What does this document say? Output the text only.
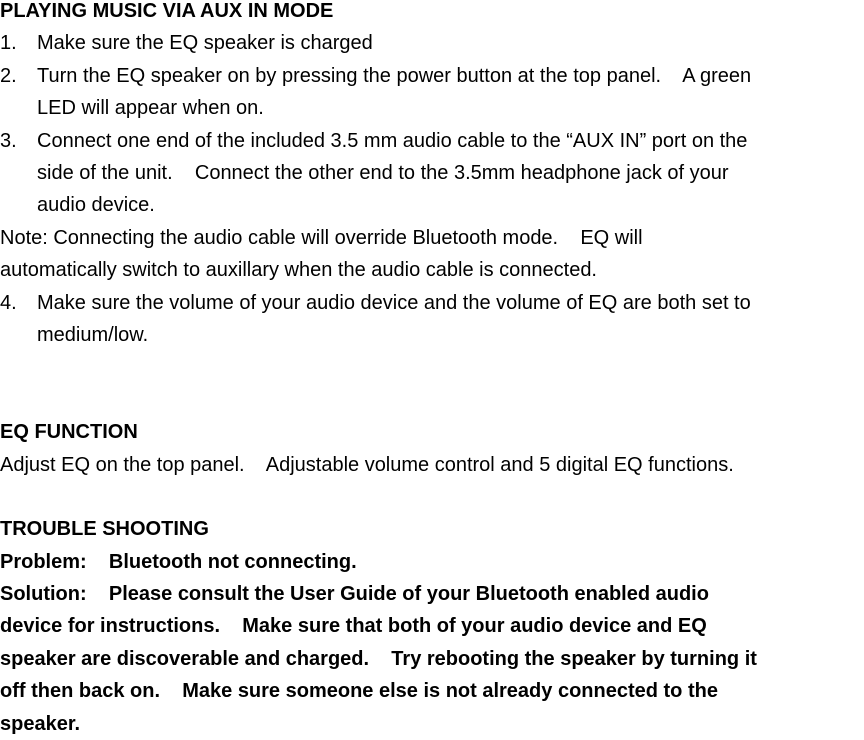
PLAYING MUSIC VIA AUX IN MODE
1.	Make sure the EQ speaker is charged
2.	Turn the EQ speaker on by pressing the power button at the top panel.    A green
LED will appear when on.
3.	Connect one end of the included 3.5 mm audio cable to the “AUX IN” port on the
side of the unit.    Connect the other end to the 3.5mm headphone jack of your
audio device.
Note: Connecting the audio cable will override Bluetooth mode.    EQ will
automatically switch to auxillary when the audio cable is connected.
4.	Make sure the volume of your audio device and the volume of EQ are both set to
medium/low.
EQ FUNCTION
Adjust EQ on the top panel.    Adjustable volume control and 5 digital EQ functions.
TROUBLE SHOOTING
Problem:    Bluetooth not connecting.
Solution:    Please consult the User Guide of your Bluetooth enabled audio
device for instructions.    Make sure that both of your audio device and EQ
speaker are discoverable and charged.    Try rebooting the speaker by turning it
off then back on.    Make sure someone else is not already connected to the
speaker.
